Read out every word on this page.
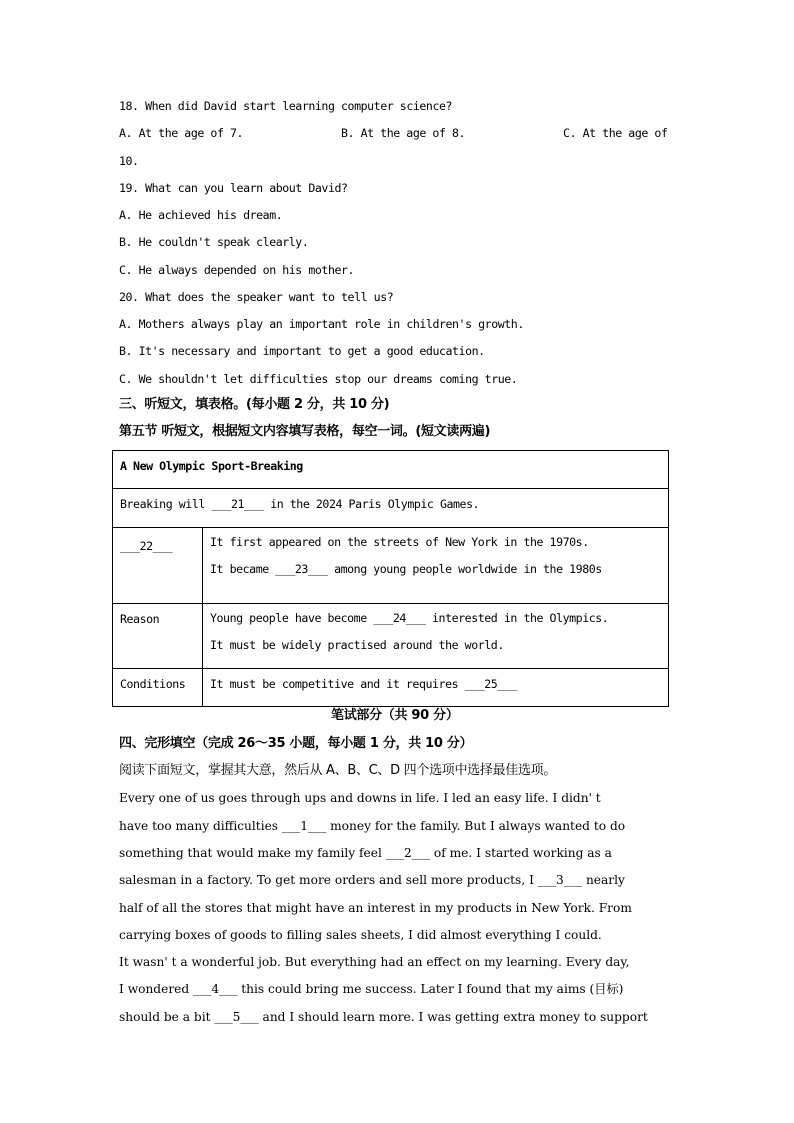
18. When did David start learning computer science?
A. At the age of 7.	B. At the age of 8.	C. At the age of
10.
19. What can you learn about David?
A. He achieved his dream.
B. He couldn't speak clearly.
C. He always depended on his mother.
20. What does the speaker want to tell us?
A. Mothers always play an important role in children's growth.
B. It's necessary and important to get a good education.
C. We shouldn't let difficulties stop our dreams coming true.
三、听短文，填表格。(每小题 2 分，共 10 分)
第五节 听短文，根据短文内容填写表格，每空一词。(短文读两遍)
A New Olympic Sport-Breaking	
Breaking will ___21___ in the 2024 Paris Olympic Games.	
___22___	It first appeared on the streets of New York in the 1970s.
It became ___23___ among young people worldwide in the 1980s

Reason	Young people have become ___24___ interested in the Olympics.
It must be widely practised around the world.

Conditions	It must be competitive and it requires ___25___
笔试部分（共 90 分）
四、完形填空（完成 26～35 小题，每小题 1 分，共 10 分）
阅读下面短文，掌握其大意，然后从 A、B、C、D 四个选项中选择最佳选项。
Every one of us goes through ups and downs in life. I led an easy life. I didn' t
have too many difficulties ___1___ money for the family. But I always wanted to do
something that would make my family feel ___2___ of me. I started working as a
salesman in a factory. To get more orders and sell more products, I ___3___ nearly
half of all the stores that might have an interest in my products in New York. From
carrying boxes of goods to filling sales sheets, I did almost everything I could.
It wasn' t a wonderful job. But everything had an effect on my learning. Every day,
I wondered ___4___ this could bring me success. Later I found that my aims (目标)
should be a bit ___5___ and I should learn more. I was getting extra money to support
